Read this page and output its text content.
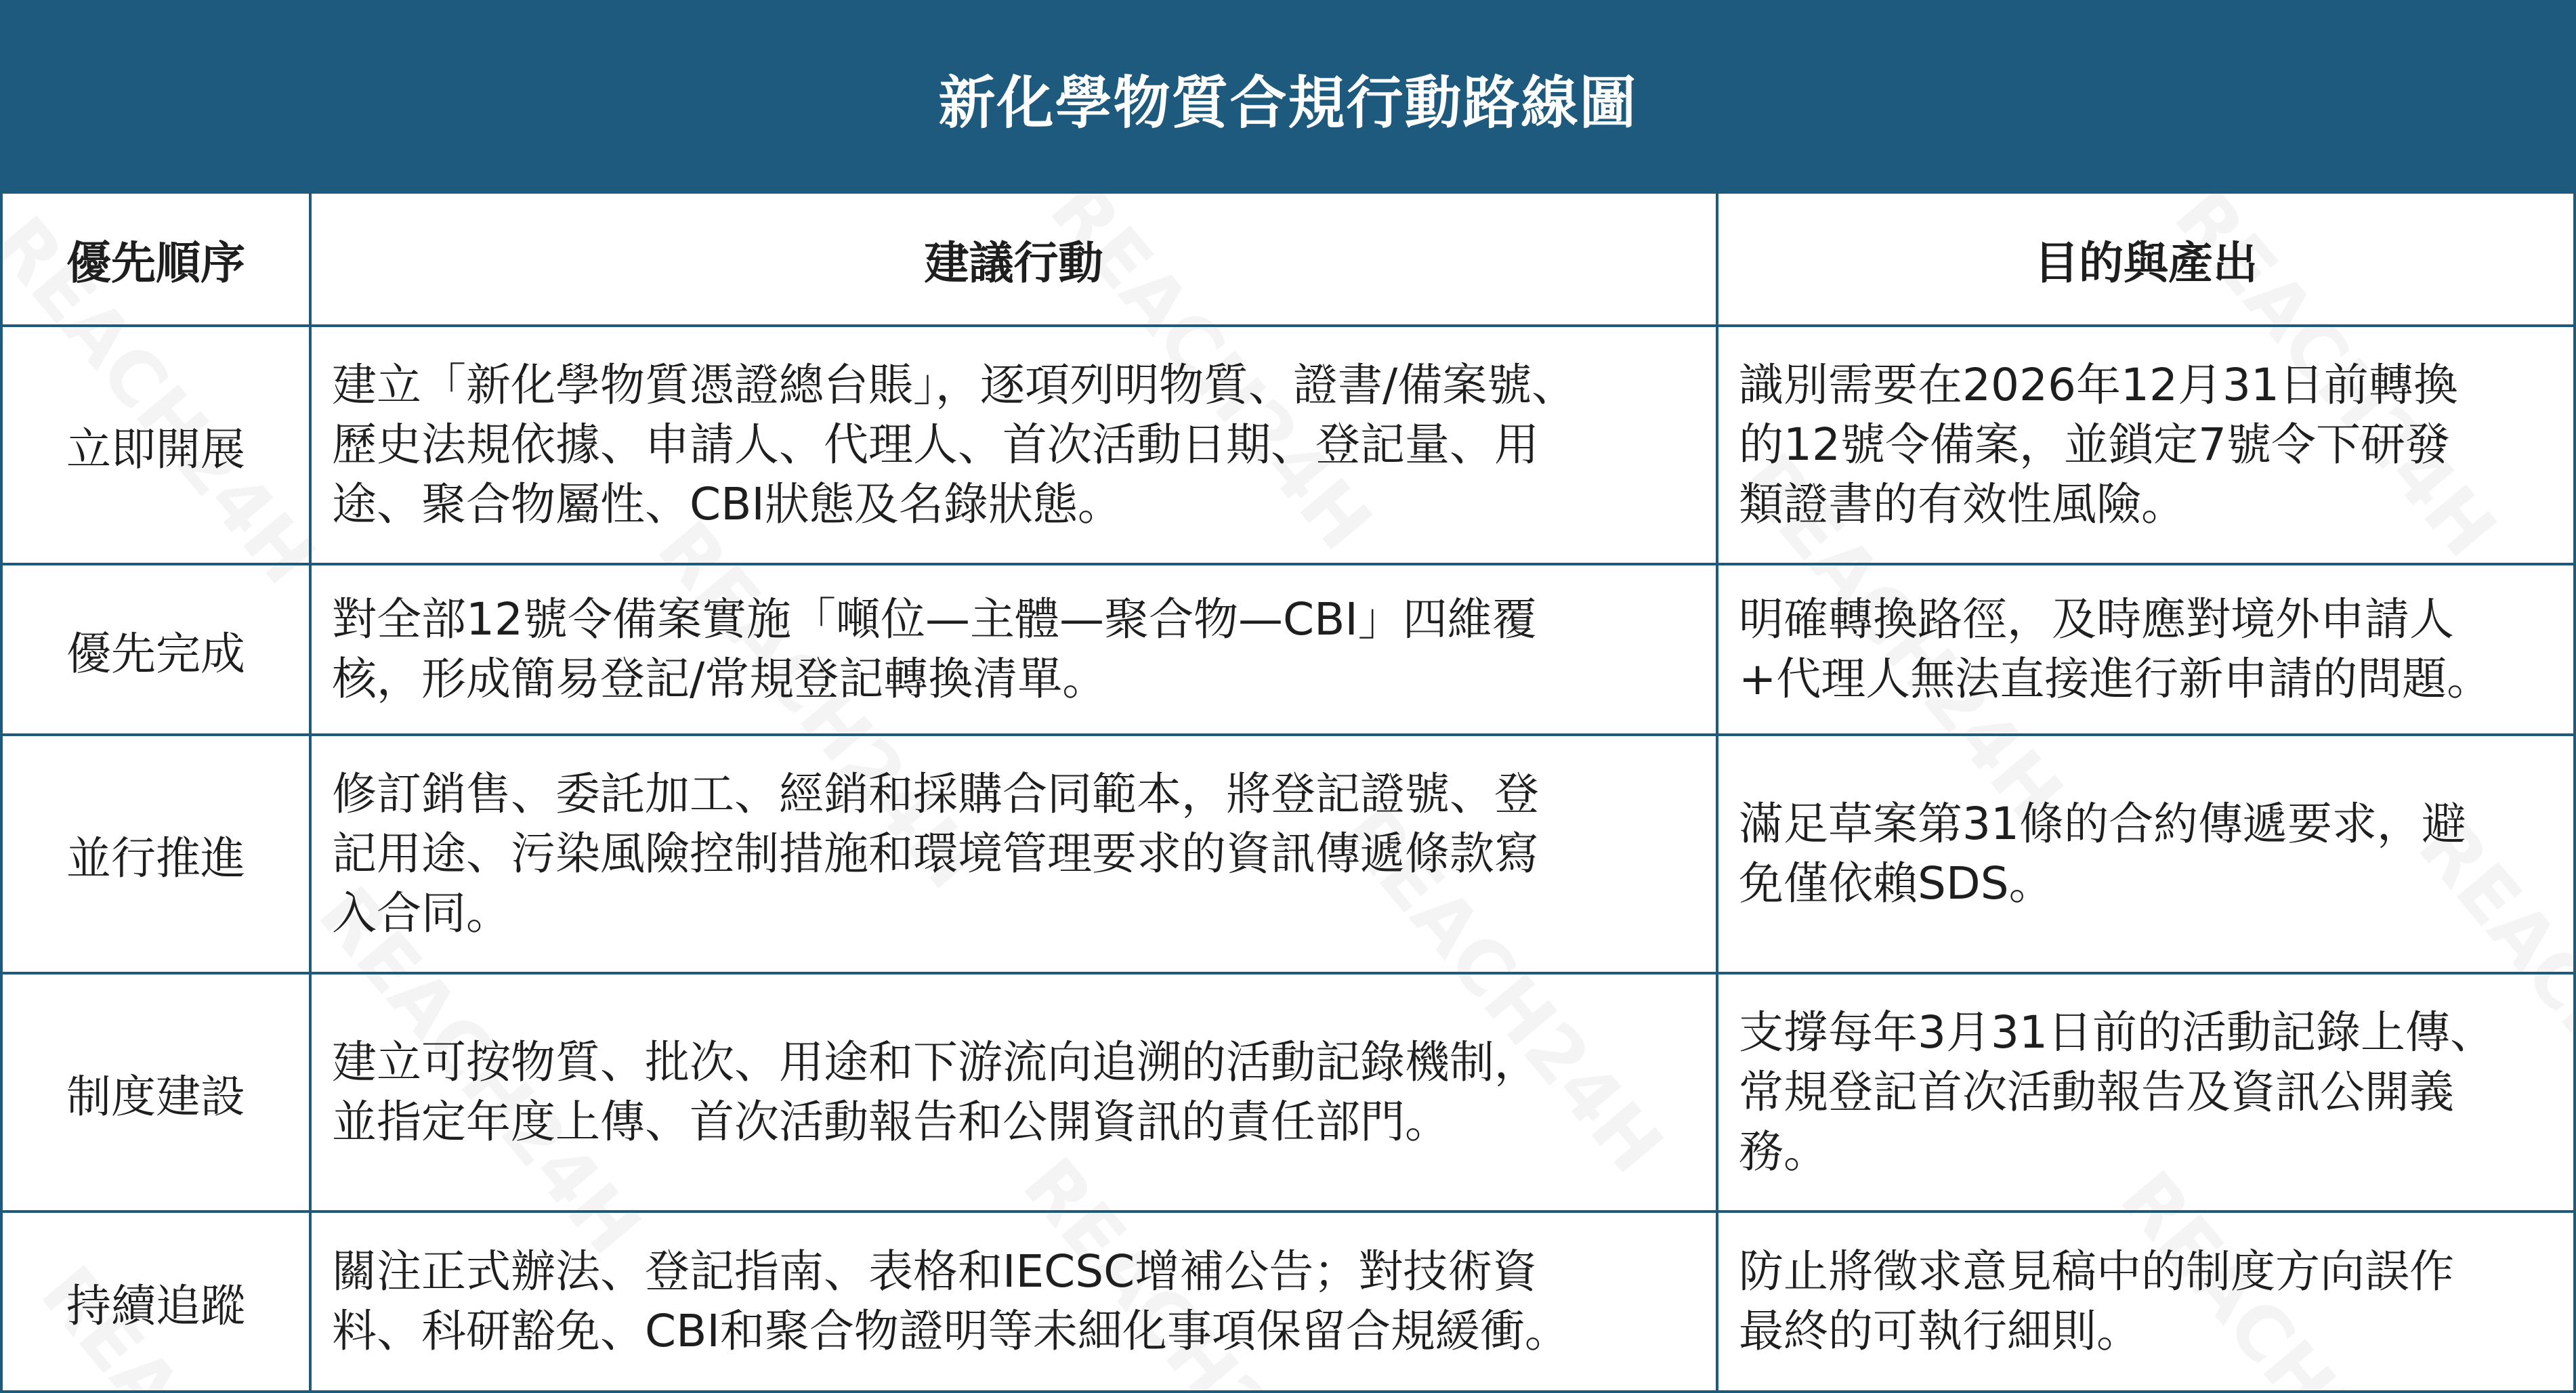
新化學物質合規行動路線圖
優先順序	建議行動	目的與產出
立即開展
建立「新化學物質憑證總台賬」，逐項列明物質、證書/備案號、
歷史法規依據、申請人、代理人、首次活動日期、登記量、用
途、聚合物屬性、CBI狀態及名錄狀態。
識別需要在2026年12月31日前轉換
的12號令備案，並鎖定7號令下研發
類證書的有效性風險。
優先完成
對全部12號令備案實施「噸位—主體—聚合物—CBI」四維覆
核，形成簡易登記/常規登記轉換清單。
明確轉換路徑，及時應對境外申請人
+代理人無法直接進行新申請的問題。
並行推進
修訂銷售、委託加工、經銷和採購合同範本，將登記證號、登
記用途、污染風險控制措施和環境管理要求的資訊傳遞條款寫
入合同。
滿足草案第31條的合約傳遞要求，避
免僅依賴SDS。
制度建設
建立可按物質、批次、用途和下游流向追溯的活動記錄機制，
並指定年度上傳、首次活動報告和公開資訊的責任部門。
支撐每年3月31日前的活動記錄上傳、
常規登記首次活動報告及資訊公開義
務。
持續追蹤
關注正式辦法、登記指南、表格和IECSC增補公告；對技術資
料、科研豁免、CBI和聚合物證明等未細化事項保留合規緩衝。
防止將徵求意見稿中的制度方向誤作
最終的可執行細則。
